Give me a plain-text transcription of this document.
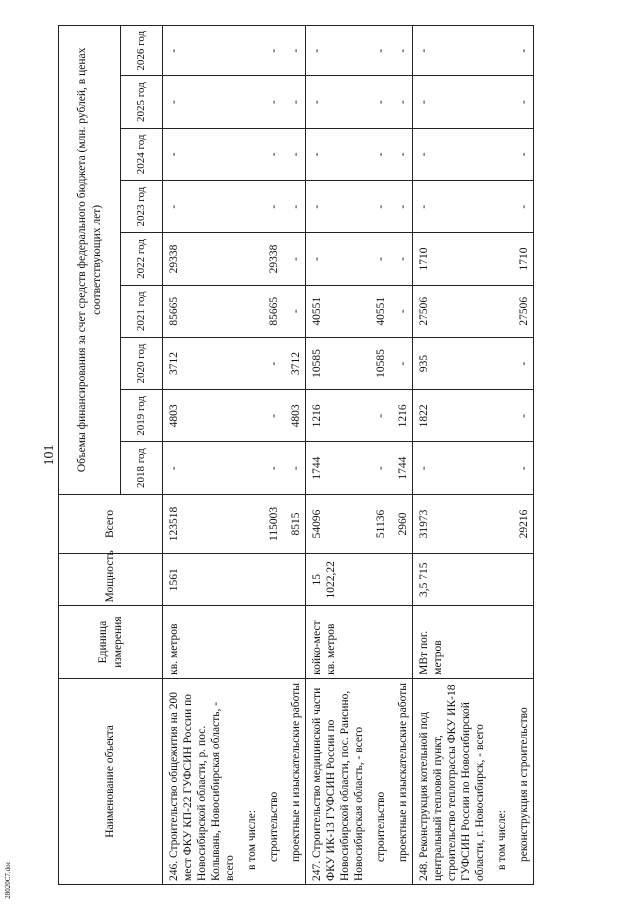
101
28020C7.doc
Наименование объекта	Единица измерения	Мощность	Всего	Объемы финансирования за счет средств федерального бюджета (млн. рублей, в ценах соответствующих лет)								
				2018 год	2019 год	2020 год	2021 год	2022 год	2023 год	2024 год	2025 год	2026 год
246. Строительство общежития на 200 мест ФКУ КП-22 ГУФСИН России по Новосибирской области, р. пос. Колывань, Новосибирская область, - всего	кв. метров	1561	123518	-	4803	3712	85665	29338	-	-	-	-
в том числе:												
строительство			115003	-	-	-	85665	29338	-	-	-	-
проектные и изыскательские работы			8515	-	4803	3712	-	-	-	-	-	-
247. Строительство медицинской части ФКУ ИК-13 ГУФСИН России по Новосибирской области, пос. Раисино, Новосибирская область, - всего	койко-мест кв. метров	15 1022,22	54096	1744	1216	10585	40551	-	-	-	-	-
строительство			51136	-	-	10585	40551	-	-	-	-	-
проектные и изыскательские работы			2960	1744	1216	-	-	-	-	-	-	-
248. Реконструкция котельной под центральный тепловой пункт, строительство теплотрассы ФКУ ИК-18 ГУФСИН России по Новосибирской области, г. Новосибирск, - всего	МВт пог. метров	3,5 715	31973	-	1822	935	27506	1710	-	-	-	-
в том числе:												
реконструкция и строительство			29216	-	-	-	27506	1710	-	-	-	-
